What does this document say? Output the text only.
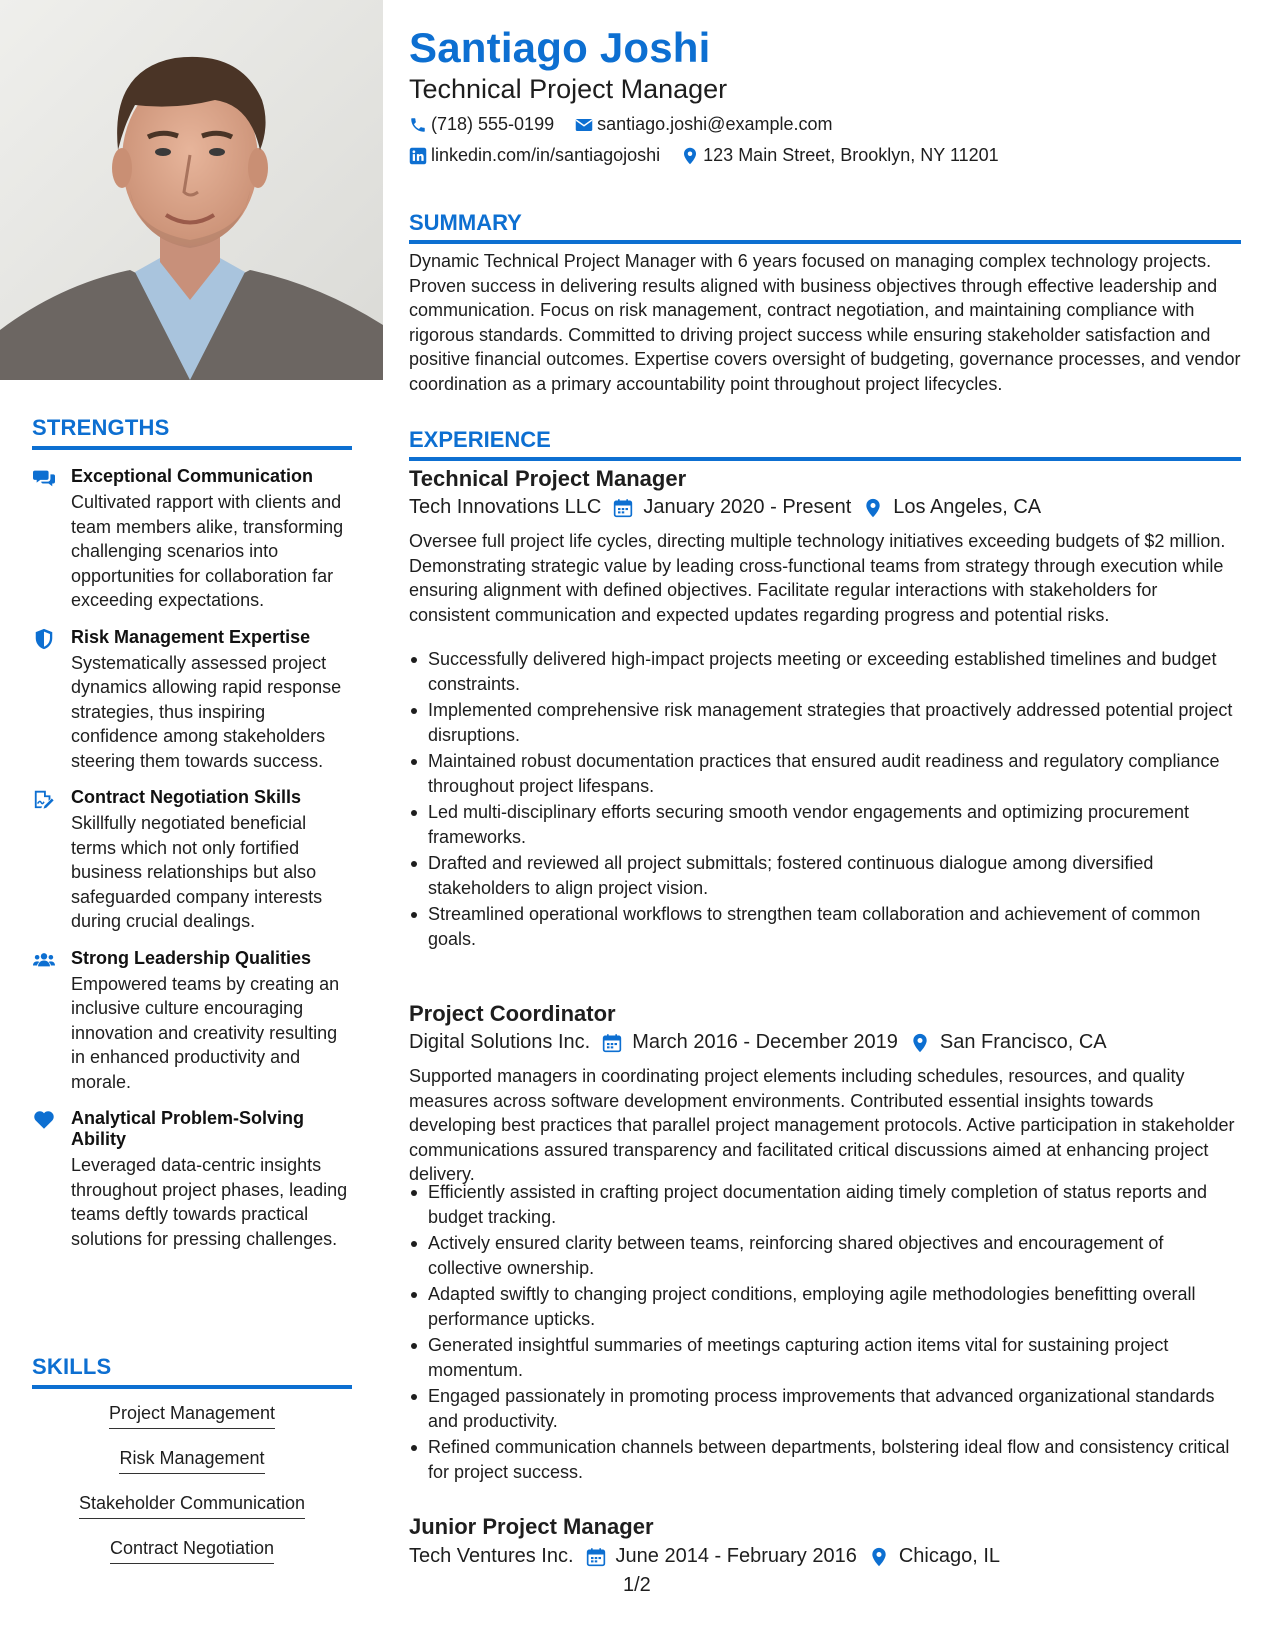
STRENGTHS
Exceptional Communication
Cultivated rapport with clients and team members alike, transforming challenging scenarios into opportunities for collaboration far exceeding expectations.
Risk Management Expertise
Systematically assessed project dynamics allowing rapid response strategies, thus inspiring confidence among stakeholders steering them towards success.
Contract Negotiation Skills
Skillfully negotiated beneficial terms which not only fortified business relationships but also safeguarded company interests during crucial dealings.
Strong Leadership Qualities
Empowered teams by creating an inclusive culture encouraging innovation and creativity resulting in enhanced productivity and morale.
Analytical Problem-Solving Ability
Leveraged data-centric insights throughout project phases, leading teams deftly towards practical solutions for pressing challenges.
SKILLS
Project Management
Risk Management
Stakeholder Communication
Contract Negotiation
Santiago Joshi
Technical Project Manager
(718) 555-0199
santiago.joshi@example.com
linkedin.com/in/santiagojoshi
123 Main Street, Brooklyn, NY 11201
SUMMARY
Dynamic Technical Project Manager with 6 years focused on managing complex technology projects. Proven success in delivering results aligned with business objectives through effective leadership and communication. Focus on risk management, contract negotiation, and maintaining compliance with rigorous standards. Committed to driving project success while ensuring stakeholder satisfaction and positive financial outcomes. Expertise covers oversight of budgeting, governance processes, and vendor coordination as a primary accountability point throughout project lifecycles.
EXPERIENCE
Technical Project Manager
Tech Innovations LLC January 2020 - Present Los Angeles, CA
Oversee full project life cycles, directing multiple technology initiatives exceeding budgets of $2 million. Demonstrating strategic value by leading cross-functional teams from strategy through execution while ensuring alignment with defined objectives. Facilitate regular interactions with stakeholders for consistent communication and expected updates regarding progress and potential risks.
Successfully delivered high-impact projects meeting or exceeding established timelines and budget constraints.
Implemented comprehensive risk management strategies that proactively addressed potential project disruptions.
Maintained robust documentation practices that ensured audit readiness and regulatory compliance throughout project lifespans.
Led multi-disciplinary efforts securing smooth vendor engagements and optimizing procurement frameworks.
Drafted and reviewed all project submittals; fostered continuous dialogue among diversified stakeholders to align project vision.
Streamlined operational workflows to strengthen team collaboration and achievement of common goals.
Project Coordinator
Digital Solutions Inc. March 2016 - December 2019 San Francisco, CA
Supported managers in coordinating project elements including schedules, resources, and quality measures across software development environments. Contributed essential insights towards developing best practices that parallel project management protocols. Active participation in stakeholder communications assured transparency and facilitated critical discussions aimed at enhancing project delivery.
Efficiently assisted in crafting project documentation aiding timely completion of status reports and budget tracking.
Actively ensured clarity between teams, reinforcing shared objectives and encouragement of collective ownership.
Adapted swiftly to changing project conditions, employing agile methodologies benefitting overall performance upticks.
Generated insightful summaries of meetings capturing action items vital for sustaining project momentum.
Engaged passionately in promoting process improvements that advanced organizational standards and productivity.
Refined communication channels between departments, bolstering ideal flow and consistency critical for project success.
Junior Project Manager
Tech Ventures Inc. June 2014 - February 2016 Chicago, IL
1/2
